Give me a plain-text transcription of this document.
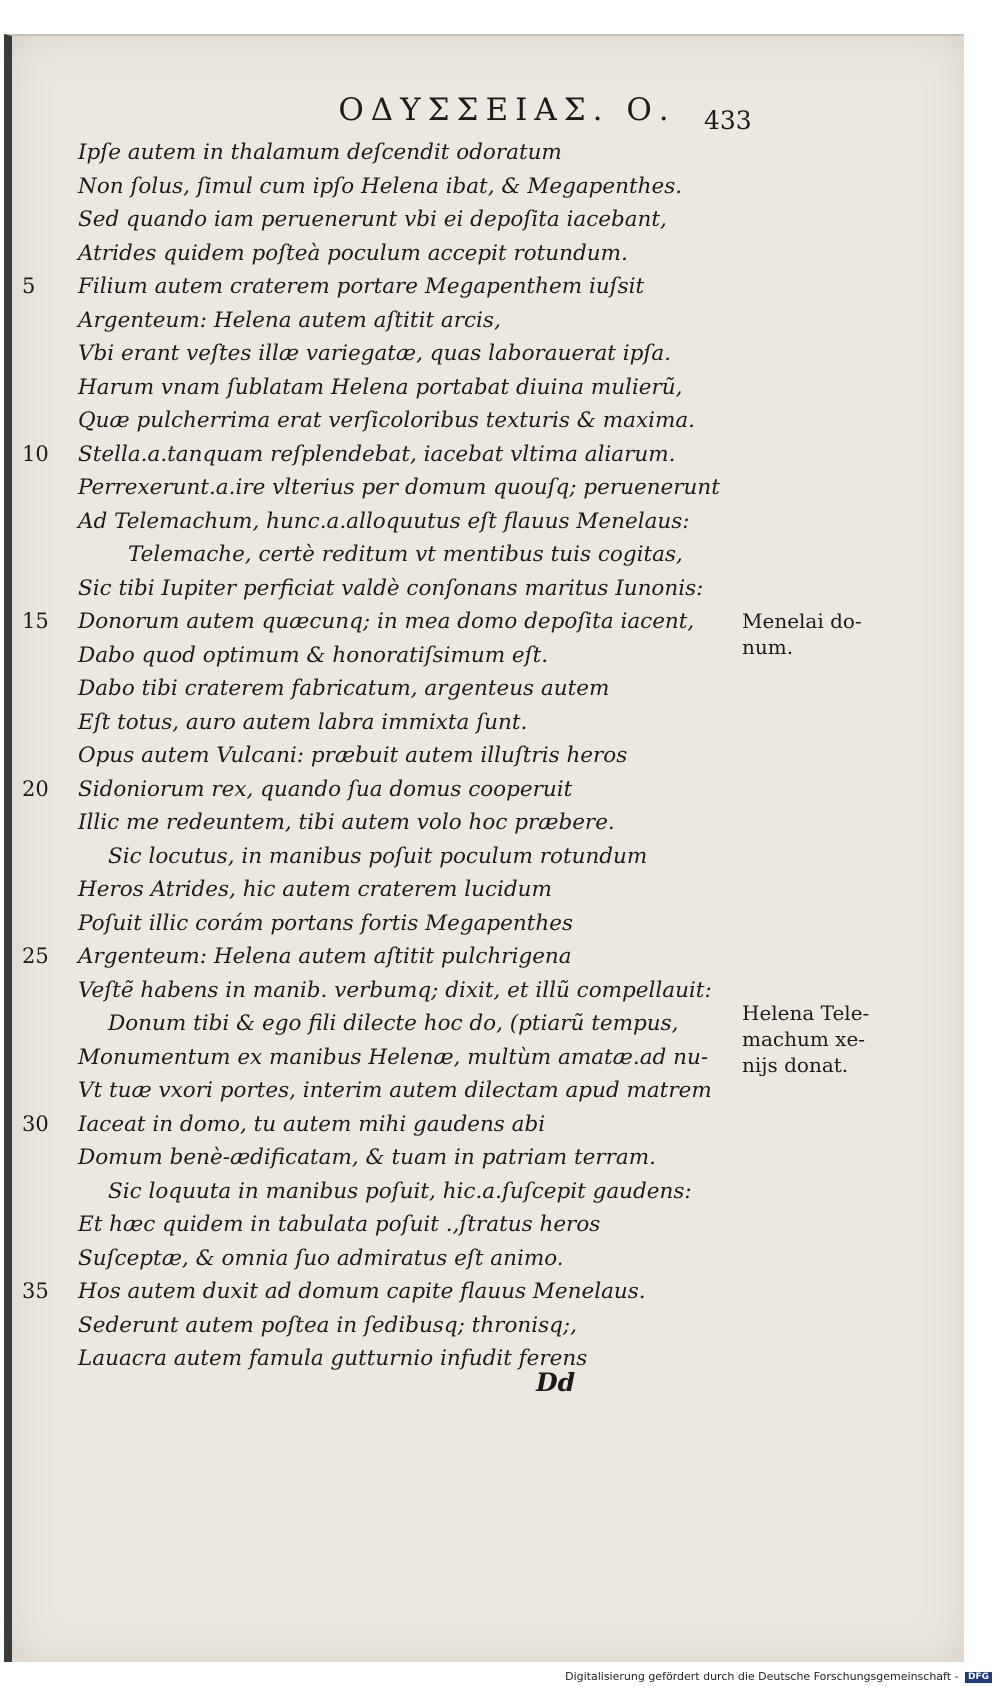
ΟΔΥΣΣΕΙΑΣ. Ο.	433
Ipſe autem in thalamum deſcendit odoratum
Non ſolus, ſimul cum ipſo Helena ibat, & Megapenthes.
Sed quando iam peruenerunt vbi ei depoſita iacebant,
Atrides quidem poſteà poculum accepit rotundum.
5	Filium autem craterem portare Megapenthem iuſsit
Argenteum: Helena autem aſtitit arcis,
Vbi erant veſtes illæ variegatæ, quas laborauerat ipſa.
Harum vnam ſublatam Helena portabat diuina mulierũ,
Quæ pulcherrima erat verſicoloribus texturis & maxima.
10	Stella.a.tanquam reſplendebat, iacebat vltima aliarum.
Perrexerunt.a.ire vlterius per domum quouſq; peruenerunt
Ad Telemachum, hunc.a.alloquutus eſt flauus Menelaus:
Telemache, certè reditum vt mentibus tuis cogitas,
Sic tibi Iupiter perficiat valdè conſonans maritus Iunonis:
15	Donorum autem quæcunq; in mea domo depoſita iacent,
Dabo quod optimum & honoratiſsimum eſt.
Dabo tibi craterem fabricatum, argenteus autem
Eſt totus, auro autem labra immixta ſunt.
Opus autem Vulcani: præbuit autem illuſtris heros
20	Sidoniorum rex, quando ſua domus cooperuit
Illic me redeuntem, tibi autem volo hoc præbere.
Sic locutus, in manibus poſuit poculum rotundum
Heros Atrides, hic autem craterem lucidum
Poſuit illic corám portans fortis Megapenthes
25	Argenteum: Helena autem aſtitit pulchrigena
Veſtẽ habens in manib. verbumq; dixit, et illũ compellauit:
Donum tibi & ego fili dilecte hoc do, (ptiarũ tempus,
Monumentum ex manibus Helenæ, multùm amatæ.ad nu-
Vt tuæ vxori portes, interim autem dilectam apud matrem
30	Iaceat in domo, tu autem mihi gaudens abi
Domum benè-ædificatam, & tuam in patriam terram.
Sic loquuta in manibus poſuit, hic.a.ſuſcepit gaudens:
Et hæc quidem in tabulata poſuit .,ſtratus heros
Suſceptæ, & omnia ſuo admiratus eſt animo.
35	Hos autem duxit ad domum capite flauus Menelaus.
Sederunt autem poſtea in ſedibusq; thronisq;,
Lauacra autem famula gutturnio infudit ferens
Menelai do-
num.
Helena Tele-
machum xe-
nijs donat.
Dd
Digitalisierung gefördert durch die Deutsche Forschungsgemeinschaft - DFG
